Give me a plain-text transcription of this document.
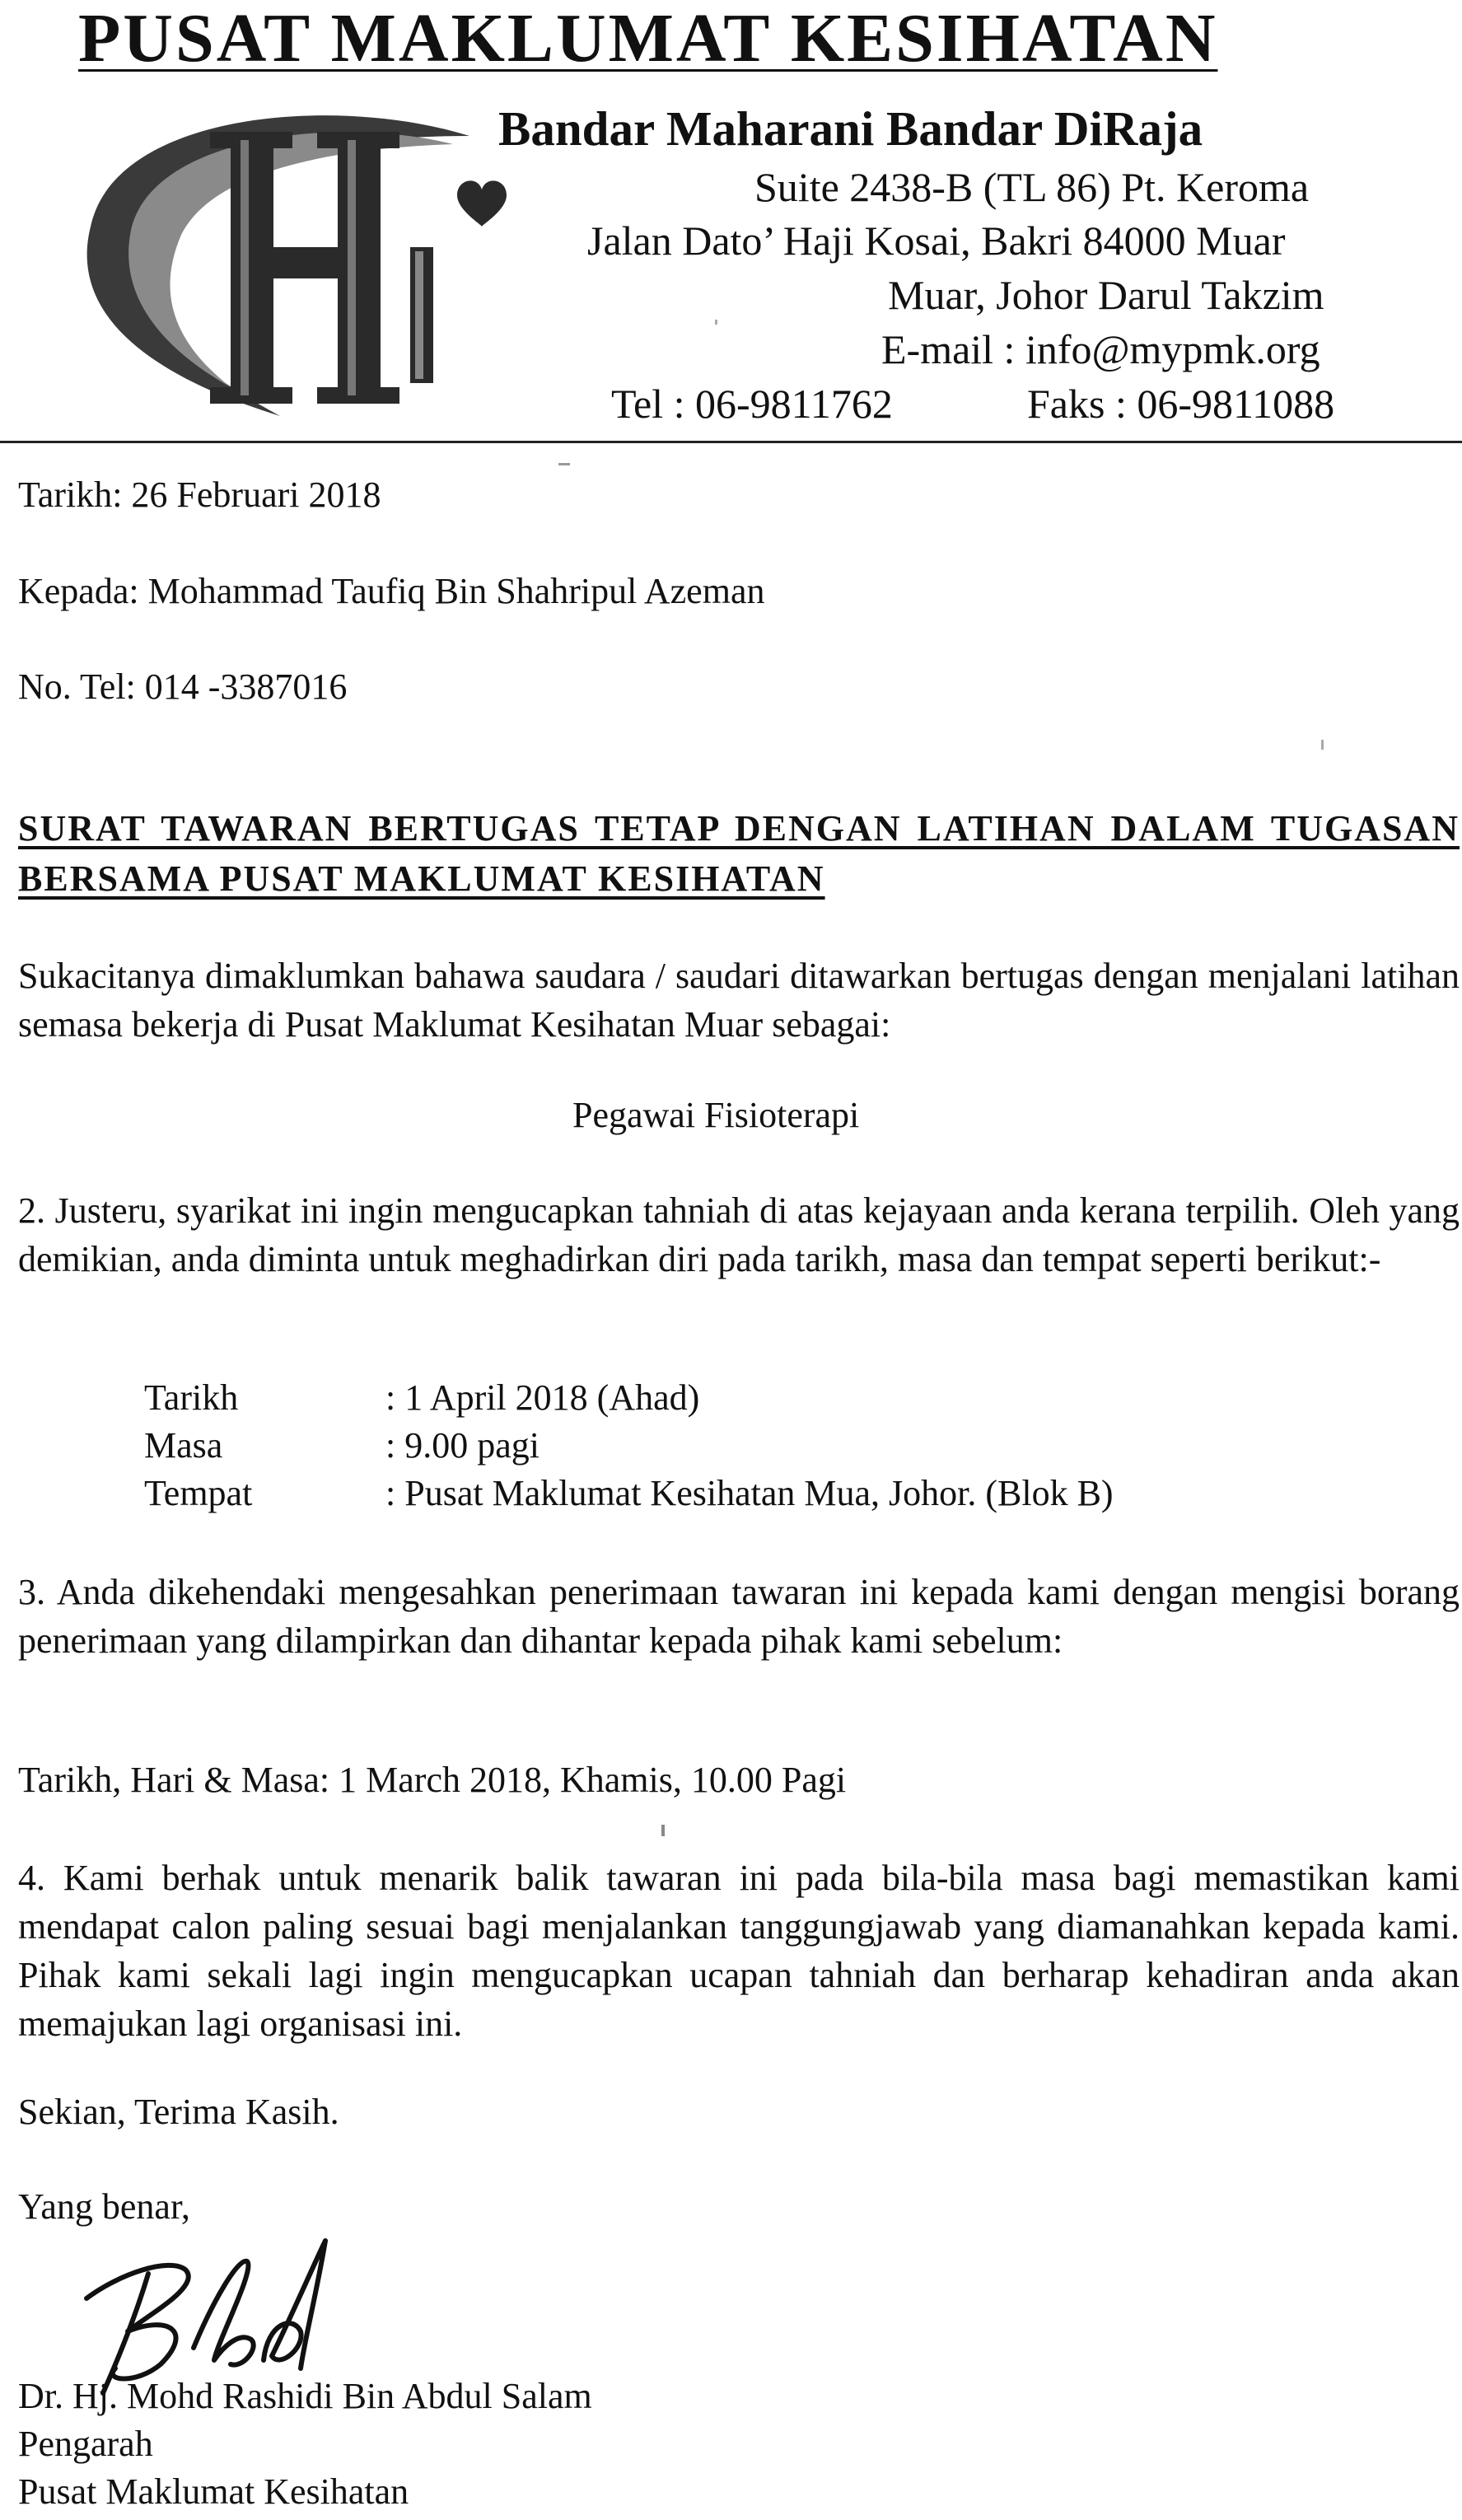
PUSAT MAKLUMAT KESIHATAN
Bandar Maharani Bandar DiRaja
Suite 2438-B (TL 86) Pt. Keroma
Jalan Dato’ Haji Kosai, Bakri 84000 Muar
Muar, Johor Darul Takzim
E-mail : info@mypmk.org
Tel : 06-9811762	Faks : 06-9811088
Tarikh: 26 Februari 2018
Kepada: Mohammad Taufiq Bin Shahripul Azeman
No. Tel: 014 -3387016
SURAT TAWARAN BERTUGAS TETAP DENGAN LATIHAN DALAM TUGASAN BERSAMA PUSAT MAKLUMAT KESIHATAN
Sukacitanya dimaklumkan bahawa saudara / saudari ditawarkan bertugas dengan menjalani latihan semasa bekerja di Pusat Maklumat Kesihatan Muar sebagai:
Pegawai Fisioterapi
2. Justeru, syarikat ini ingin mengucapkan tahniah di atas kejayaan anda kerana terpilih. Oleh yang demikian, anda diminta untuk meghadirkan diri pada tarikh, masa dan tempat seperti berikut:-
Tarikh	: 1 April 2018 (Ahad)
Masa	: 9.00 pagi
Tempat	: Pusat Maklumat Kesihatan Mua, Johor. (Blok B)
3. Anda dikehendaki mengesahkan penerimaan tawaran ini kepada kami dengan mengisi borang penerimaan yang dilampirkan dan dihantar kepada pihak kami sebelum:
Tarikh, Hari & Masa: 1 March 2018, Khamis, 10.00 Pagi
4. Kami berhak untuk menarik balik tawaran ini pada bila-bila masa bagi memastikan kami mendapat calon paling sesuai bagi menjalankan tanggungjawab yang diamanahkan kepada kami. Pihak kami sekali lagi ingin mengucapkan ucapan tahniah dan berharap kehadiran anda akan memajukan lagi organisasi ini.
Sekian, Terima Kasih.
Yang benar,
Dr. Hj. Mohd Rashidi Bin Abdul Salam
Pengarah
Pusat Maklumat Kesihatan
